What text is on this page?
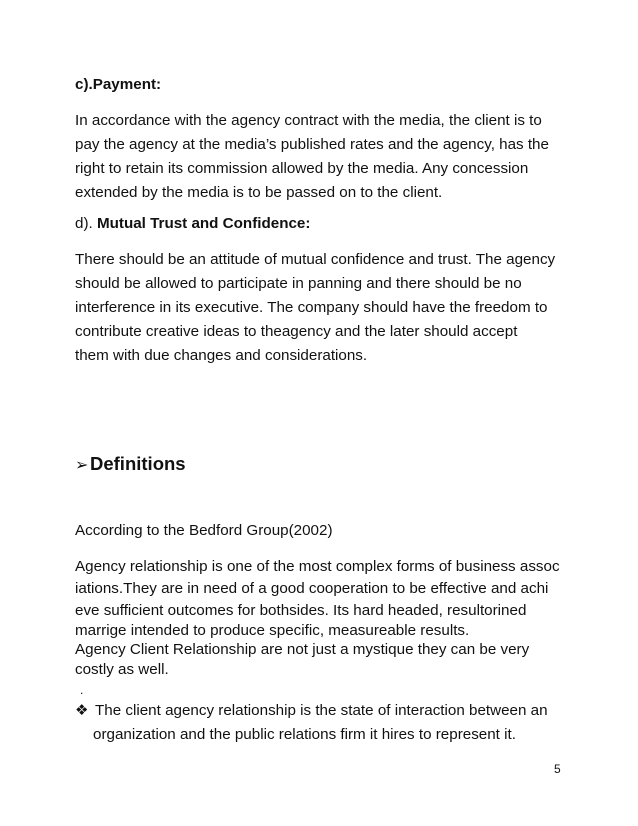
c).Payment:
In accordance with the agency contract with the media, the client is to
pay the agency at the media’s published rates and the agency, has the
right to retain its commission allowed by the media. Any concession
extended by the media is to be passed on to the client.
d). Mutual Trust and Confidence:
There should be an attitude of mutual confidence and trust. The agency
should be allowed to participate in panning and there should be no
interference in its executive. The company should have the freedom to
contribute creative ideas to theagency and the later should accept
them with due changes and considerations.
➢Definitions
According to the Bedford Group(2002)
Agency relationship is one of the most complex forms of business assoc
iations.They are in need of a good cooperation to be effective and achi
eve sufficient outcomes for bothsides. Its hard headed, resultorined
marrige intended to produce specific, measureable results.
Agency Client Relationship are not just a mystique they can be very
costly as well.
.
❖ The client agency relationship is the state of interaction between an
organization and the public relations firm it hires to represent it.
5
